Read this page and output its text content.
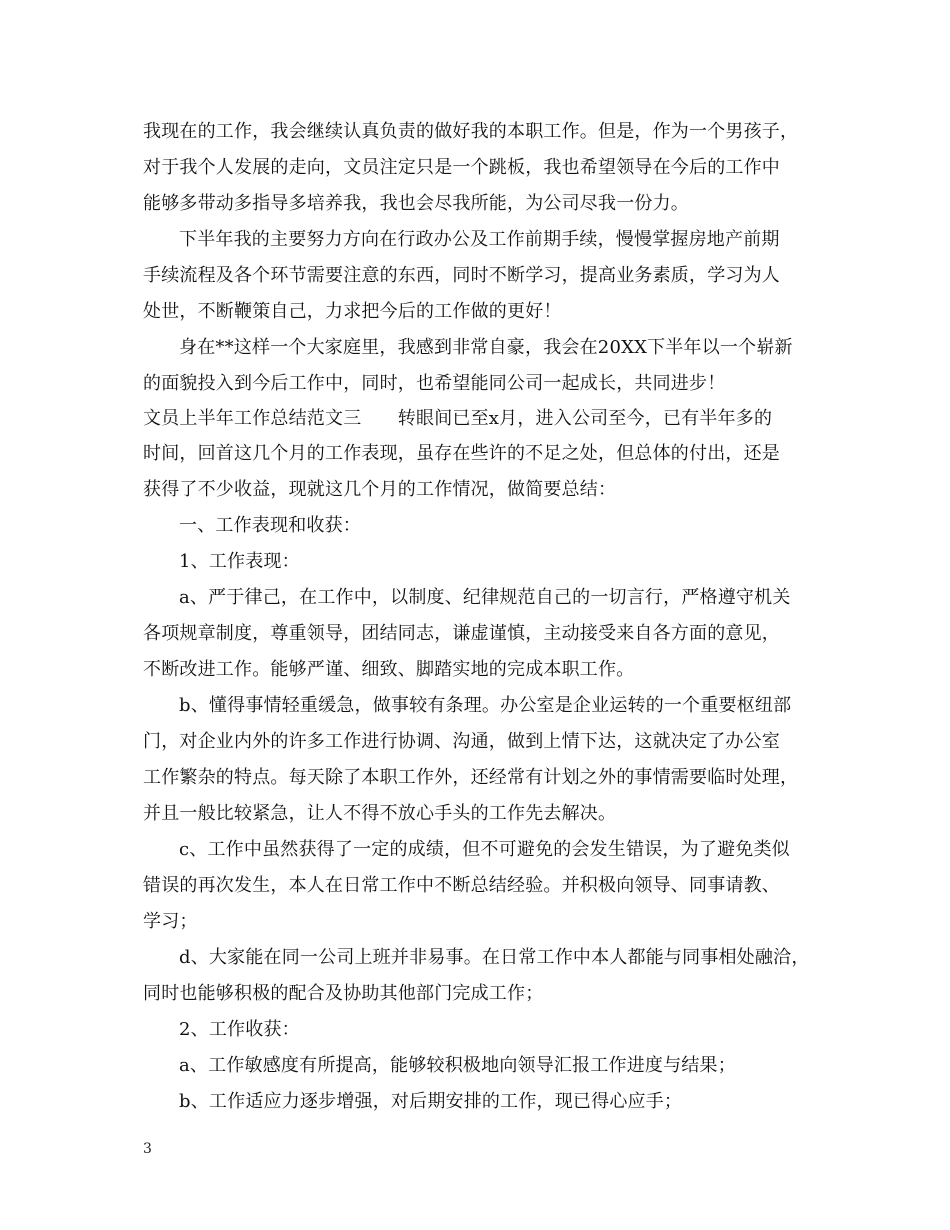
我现在的工作，我会继续认真负责的做好我的本职工作。但是，作为一个男孩子，
对于我个人发展的走向，文员注定只是一个跳板，我也希望领导在今后的工作中
能够多带动多指导多培养我，我也会尽我所能，为公司尽我一份力。
下半年我的主要努力方向在行政办公及工作前期手续，慢慢掌握房地产前期
手续流程及各个环节需要注意的东西，同时不断学习，提高业务素质，学习为人
处世，不断鞭策自己，力求把今后的工作做的更好！
身在**这样一个大家庭里，我感到非常自豪，我会在20XX下半年以一个崭新
的面貌投入到今后工作中，同时，也希望能同公司一起成长，共同进步！
文员上半年工作总结范文三　　转眼间已至x月，进入公司至今，已有半年多的
时间，回首这几个月的工作表现，虽存在些许的不足之处，但总体的付出，还是
获得了不少收益，现就这几个月的工作情况，做简要总结：
一、工作表现和收获：
1、工作表现：
a、严于律己，在工作中，以制度、纪律规范自己的一切言行，严格遵守机关
各项规章制度，尊重领导，团结同志，谦虚谨慎，主动接受来自各方面的意见，
不断改进工作。能够严谨、细致、脚踏实地的完成本职工作。
b、懂得事情轻重缓急，做事较有条理。办公室是企业运转的一个重要枢纽部
门，对企业内外的许多工作进行协调、沟通，做到上情下达，这就决定了办公室
工作繁杂的特点。每天除了本职工作外，还经常有计划之外的事情需要临时处理，
并且一般比较紧急，让人不得不放心手头的工作先去解决。
c、工作中虽然获得了一定的成绩，但不可避免的会发生错误，为了避免类似
错误的再次发生，本人在日常工作中不断总结经验。并积极向领导、同事请教、
学习；
d、大家能在同一公司上班并非易事。在日常工作中本人都能与同事相处融洽，
同时也能够积极的配合及协助其他部门完成工作；
2、工作收获：
a、工作敏感度有所提高，能够较积极地向领导汇报工作进度与结果；
b、工作适应力逐步增强，对后期安排的工作，现已得心应手；
3
